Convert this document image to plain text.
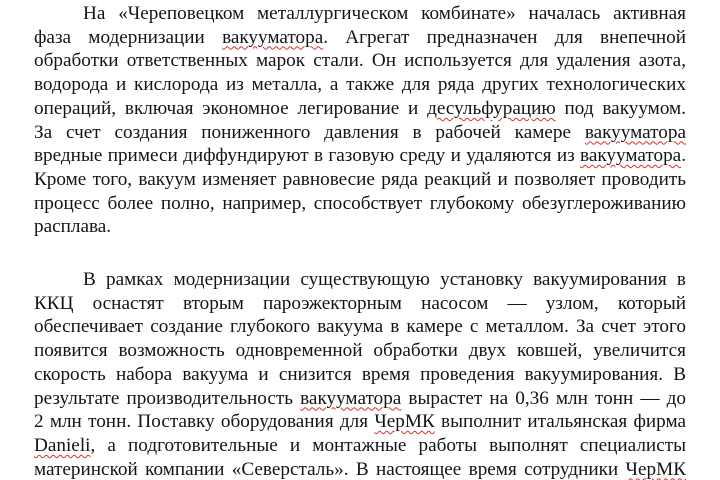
На «Череповецком металлургическом комбинате» началась активная
фаза модернизации вакууматора. Агрегат предназначен для внепечной
обработки ответственных марок стали. Он используется для удаления азота,
водорода и кислорода из металла, а также для ряда других технологических
операций, включая экономное легирование и десульфурацию под вакуумом.
За счет создания пониженного давления в рабочей камере вакууматора
вредные примеси диффундируют в газовую среду и удаляются из вакууматора.
Кроме того, вакуум изменяет равновесие ряда реакций и позволяет проводить
процесс более полно, например, способствует глубокому обезуглероживанию
расплава.
В рамках модернизации существующую установку вакуумирования в
ККЦ оснастят вторым пароэжекторным насосом — узлом, который
обеспечивает создание глубокого вакуума в камере с металлом. За счет этого
появится возможность одновременной обработки двух ковшей, увеличится
скорость набора вакуума и снизится время проведения вакуумирования. В
результате производительность вакууматора вырастет на 0,36 млн тонн — до
2 млн тонн. Поставку оборудования для ЧерМК выполнит итальянская фирма
Danieli, а подготовительные и монтажные работы выполнят специалисты
материнской компании «Северсталь». В настоящее время сотрудники ЧерМК
